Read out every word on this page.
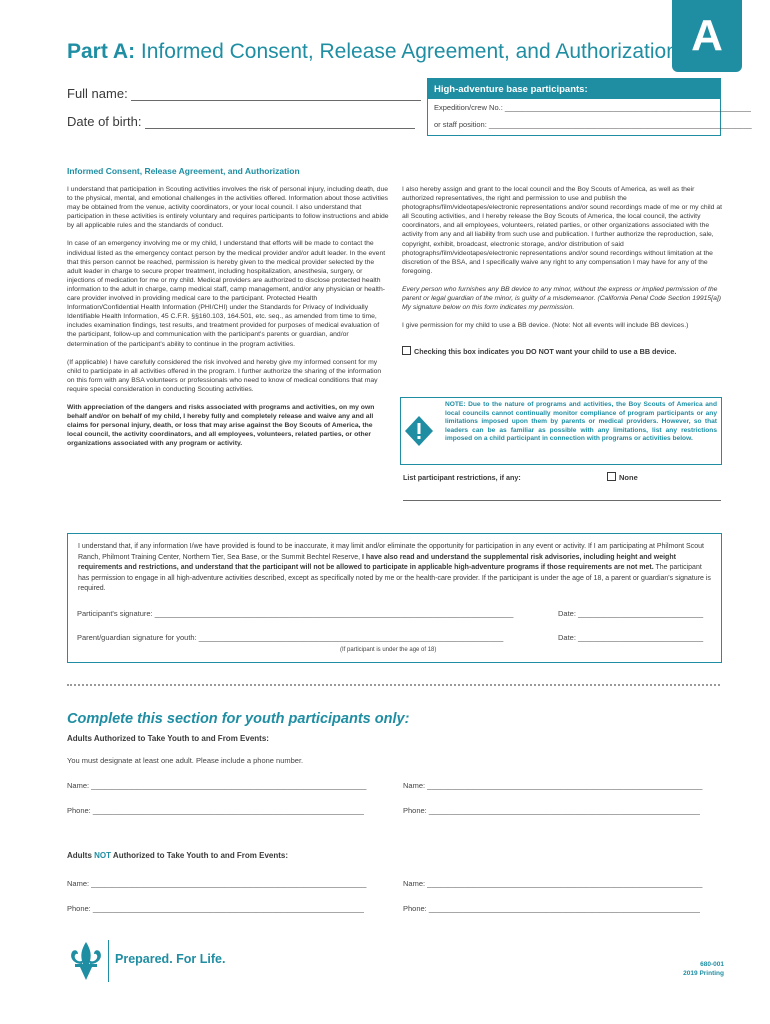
A
Part A: Informed Consent, Release Agreement, and Authorization
Full name:
Date of birth:
High-adventure base participants:
Expedition/crew No.: ___________________________________________________________
or staff position: _______________________________________________________________
Informed Consent, Release Agreement, and Authorization

I understand that participation in Scouting activities involves the risk of personal injury, including death, due to the physical, mental, and emotional challenges in the activities offered. Information about those activities may be obtained from the venue, activity coordinators, or your local council. I also understand that participation in these activities is entirely voluntary and requires participants to follow instructions and abide by all applicable rules and the standards of conduct.

In case of an emergency involving me or my child, I understand that efforts will be made to contact the individual listed as the emergency contact person by the medical provider and/or adult leader. In the event that this person cannot be reached, permission is hereby given to the medical provider selected by the adult leader in charge to secure proper treatment, including hospitalization, anesthesia, surgery, or injections of medication for me or my child. Medical providers are authorized to disclose protected health information to the adult in charge, camp medical staff, camp management, and/or any physician or health-care provider involved in providing medical care to the participant. Protected Health Information/Confidential Health Information (PHI/CHI) under the Standards for Privacy of Individually Identifiable Health Information, 45 C.F.R. §§160.103, 164.501, etc. seq., as amended from time to time, includes examination findings, test results, and treatment provided for purposes of medical evaluation of the participant, follow-up and communication with the participant's parents or guardian, and/or determination of the participant's ability to continue in the program activities.

(If applicable) I have carefully considered the risk involved and hereby give my informed consent for my child to participate in all activities offered in the program. I further authorize the sharing of the information on this form with any BSA volunteers or professionals who need to know of medical conditions that may require special consideration in conducting Scouting activities.

With appreciation of the dangers and risks associated with programs and activities, on my own behalf and/or on behalf of my child, I hereby fully and completely release and waive any and all claims for personal injury, death, or loss that may arise against the Boy Scouts of America, the local council, the activity coordinators, and all employees, volunteers, related parties, or other organizations associated with any program or activity.

I also hereby assign and grant to the local council and the Boy Scouts of America, as well as their authorized representatives, the right and permission to use and publish the photographs/film/videotapes/electronic representations and/or sound recordings made of me or my child at all Scouting activities, and I hereby release the Boy Scouts of America, the local council, the activity coordinators, and all employees, volunteers, related parties, or other organizations associated with the activity from any and all liability from such use and publication. I further authorize the reproduction, sale, copyright, exhibit, broadcast, electronic storage, and/or distribution of said photographs/film/videotapes/electronic representations and/or sound recordings without limitation at the discretion of the BSA, and I specifically waive any right to any compensation I may have for any of the foregoing.

Every person who furnishes any BB device to any minor, without the express or implied permission of the parent or legal guardian of the minor, is guilty of a misdemeanor. (California Penal Code Section 19915[a]) My signature below on this form indicates my permission.

I give permission for my child to use a BB device. (Note: Not all events will include BB devices.)

Checking this box indicates you DO NOT want your child to use a BB device.
NOTE: Due to the nature of programs and activities, the Boy Scouts of America and local councils cannot continually monitor compliance of program participants or any limitations imposed upon them by parents or medical providers. However, so that leaders can be as familiar as possible with any limitations, list any restrictions imposed on a child participant in connection with programs or activities below.
List participant restrictions, if any:	None
I understand that, if any information I/we have provided is found to be inaccurate, it may limit and/or eliminate the opportunity for participation in any event or activity. If I am participating at Philmont Scout Ranch, Philmont Training Center, Northern Tier, Sea Base, or the Summit Bechtel Reserve, I have also read and understand the supplemental risk advisories, including height and weight requirements and restrictions, and understand that the participant will not be allowed to participate in applicable high-adventure programs if those requirements are not met. The participant has permission to engage in all high-adventure activities described, except as specifically noted by me or the health-care provider. If the participant is under the age of 18, a parent or guardian's signature is required.
Participant's signature: ______________________________________________________________________________________	Date: ______________________________
Parent/guardian signature for youth: _________________________________________________________________________	Date: ______________________________
(If participant is under the age of 18)
Complete this section for youth participants only:
Adults Authorized to Take Youth to and From Events:
You must designate at least one adult. Please include a phone number.
Name: __________________________________________________________________	Name: __________________________________________________________________
Phone: _________________________________________________________________	Phone: _________________________________________________________________
Adults NOT Authorized to Take Youth to and From Events:
Name: __________________________________________________________________	Name: __________________________________________________________________
Phone: _________________________________________________________________	Phone: _________________________________________________________________
Prepared. For Life.	680-001
2019 Printing
